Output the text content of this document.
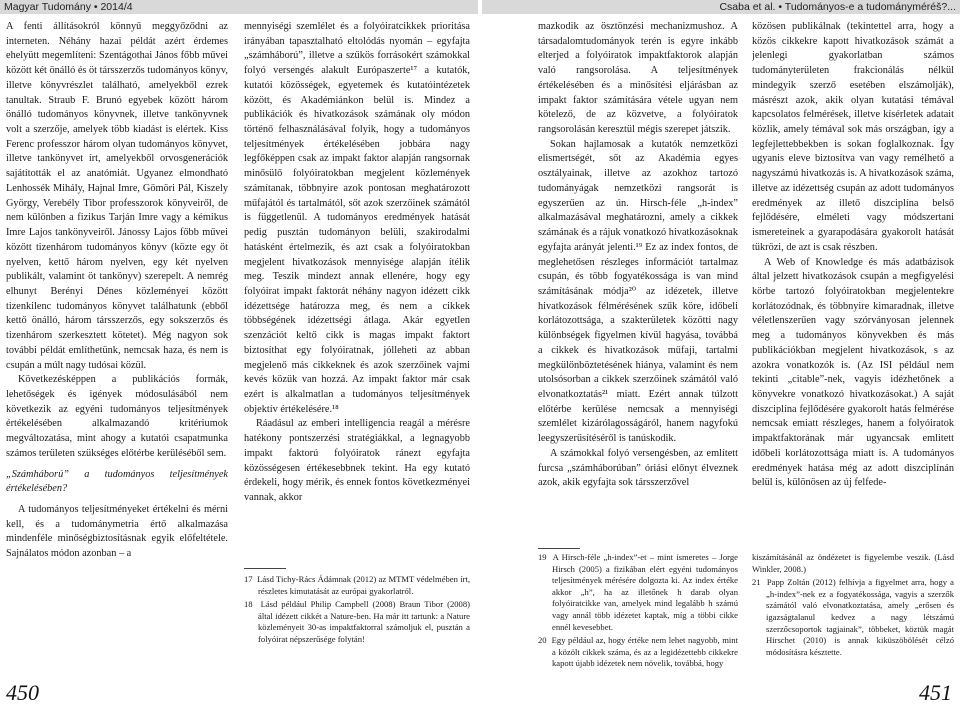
Magyar Tudomány • 2014/4

A fenti állításokról könnyű meggyőződni az interneten. Néhány hazai példát azért érdemes ehelyütt megemlíteni: Szentágothai János főbb művei között két önálló és öt társszerzős tudományos könyv, illetve könyvrészlet található, amelyekből ezrek tanultak. Straub F. Brunó egyebek között három önálló tudományos könyvnek, illetve tankönyvnek volt a szerzője, amelyek több kiadást is elértek. Kiss Ferenc professzor három olyan tudományos könyvet, illetve tankönyvet írt, amelyekből orvosgenerációk sajátították el az anatómiát. Ugyanez elmondható Lenhossék Mihály, Hajnal Imre, Gömöri Pál, Kiszely György, Verebély Tibor professzorok könyveiről, de nem különben a fizikus Tarján Imre vagy a kémikus Imre Lajos tankönyveiről. Jánossy Lajos főbb művei között tizenhárom tudományos könyv (közte egy öt nyelven, kettő három nyelven, egy két nyelven publikált, valamint öt tankönyv) szerepelt. A nemrég elhunyt Berényi Dénes közleményei között tizenkilenc tudományos könyvet találhatunk (ebből kettő önálló, három társszerzős, egy sokszerzős és tizenhárom szerkesztett kötetet). Még nagyon sok további példát említhetünk, nemcsak haza, és nem is csupán a múlt nagy tudósai közül.

Következésképpen a publikációs formák, lehetőségek és igények módosulásából nem következik az egyéni tudományos teljesítmények értékelésében alkalmazandó kritériumok megváltozatása, mint ahogy a kutatói csapatmunka számos területen szükséges előtérbe kerüléséből sem.

„Számháború” a tudományos teljesítmények értékelésében?

A tudományos teljesítményeket értékelni és mérni kell, és a tudománymetria értő alkalmazása mindenféle minőségbiztosításnak egyik előfeltétele. Sajnálatos módon azonban – a

mennyiségi szemlélet és a folyóiratcikkek prioritása irányában tapasztalható eltolódás nyomán – egyfajta „számháború”, illetve a szűkös forrásokért számokkal folyó versengés alakult Európaszerte¹⁷ a kutatók, kutatói közösségek, egyetemek és kutatóintézetek között, és Akadémiánkon belül is. Mindez a publikációk és hivatkozások számának oly módon történő felhasználásával folyik, hogy a tudományos teljesítmények értékelésében jobbára nagy legfőképpen csak az impakt faktor alapján rangsornak minősülő folyóiratokban megjelent közlemények számítanak, többnyire azok pontosan meghatározott műfajától és tartalmától, sőt azok szerzőinek számától is függetlenül. A tudományos eredmények hatását pedig pusztán tudományon belüli, szakirodalmi hatásként értelmezik, és azt csak a folyóiratokban megjelent hivatkozások mennyisége alapján ítélik meg. Teszik mindezt annak ellenére, hogy egy folyóirat impakt faktorát néhány nagyon idézett cikk idézettsége határozza meg, és nem a cikkek többségének idézettségi átlaga. Akár egyetlen szenzációt keltő cikk is magas impakt faktort biztosíthat egy folyóiratnak, jólleheti az abban megjelenő más cikkeknek és azok szerzőinek vajmi kevés közük van hozzá. Az impakt faktor már csak ezért is alkalmatlan a tudományos teljesítmények objektív értékelésére.¹⁸

Ráadásul az emberi intelligencia reagál a mérésre hatékony pontszerzési stratégiákkal, a legnagyobb impakt faktorú folyóiratok ránezt egyfajta közösségesen értékesebbnek tekint. Ha egy kutató érdekeli, hogy mérik, és ennek fontos következményei vannak, akkor

17 Lásd Tichy-Rács Ádámnak (2012) az MTMT védelmében írt, részletes kimutatását az európai gyakorlatról.
18 Lásd például Philip Campbell (2008) Braun Tibor (2008) által idézett cikkét a Nature-ben. Ha már itt tartunk: a Nature közleményeit 30-as impaktfaktorral számoljuk el, pusztán a folyóirat népszerűsége folytán!
450
Csaba et al. • Tudományos-e a tudományméréš?...

mazkodik az ösztönzési mechanizmushoz. A társadalomtudományok terén is egyre inkább elterjed a folyóiratok impaktfaktorok alapján való rangsorolása. A teljesítmények értékelésében és a minősítési eljárásban az impakt faktor számítására vétele ugyan nem kötelező, de az közvetve, a folyóiratok rangsorolásán keresztül mégis szerepet játszik.

Sokan hajlamosak a kutatók nemzetközi elismertségét, sőt az Akadémia egyes osztályainak, illetve az azokhoz tartozó tudományágak nemzetközi rangsorát is egyszerűen az ún. Hirsch-féle „h-index” alkalmazásával meghatározni, amely a cikkek számának és a rájuk vonatkozó hivatkozásoknak egyfajta arányát jelenti.¹⁹ Ez az index fontos, de meglehetősen részleges információt tartalmaz csupán, és több fogyatékossága is van mind számításának módja²⁰ az idézetek, illetve hivatkozások félmérésének szűk köre, időbeli korlátozottsága, a szakterületek közötti nagy különbségek figyelmen kívül hagyása, továbbá a cikkek és hivatkozások műfaji, tartalmi megkülönböztetésének hiánya, valamint és nem utolsósorban a cikkek szerzőinek számától való elvonatkoztatás²¹ miatt. Ezért annak túlzott előtérbe kerülése nemcsak a mennyiségi szemlélet kizárólagosságáról, hanem nagyfokú leegyszerűsítéséről is tanúskodik.

A számokkal folyó versengésben, az említett furcsa „számháborúban” óriási előnyt élveznek azok, akik egyfajta sok társszerzővel

közösen publikálnak (tekintettel arra, hogy a közös cikkekre kapott hivatkozások számát a jelenlegi gyakorlatban számos tudományterületen frakcionálás nélkül mindegyik szerző esetében elszámolják), másrészt azok, akik olyan kutatási témával kapcsolatos felmérések, illetve kísérletek adatait közlik, amely témával sok más országban, így a legfejlettebbekben is sokan foglalkoznak. Így ugyanis eleve biztosítva van vagy remélhető a nagyszámú hivatkozás is. A hivatkozások száma, illetve az idézettség csupán az adott tudományos eredmények az illető diszciplína belső fejlődésére, elméleti vagy módszertani ismereteinek a gyarapodására gyakorolt hatását tükrözi, de azt is csak részben.

A Web of Knowledge és más adatbázisok által jelzett hivatkozások csupán a megfigyelési körbe tartozó folyóiratokban megjelentekre korlátozódnak, és többnyire kimaradnak, illetve véletlenszerűen vagy szórványosan jelennek meg a tudományos könyvekben és más publikációkban megjelent hivatkozások, s az azokra vonatkozók is. (Az ISI például nem tekinti „citable”-nek, vagyis idézhetőnek a könyvekre vonatkozó hivatkozásokat.) A saját diszciplína fejlődésére gyakorolt hatás felmérése nemcsak emiatt részleges, hanem a folyóiratok impaktfaktorának már ugyancsak emlitett időbeli korlátozottsága miatt is. A tudományos eredmények hatása még az adott diszciplínán belül is, különösen az új felfede-

19 A Hirsch-féle „h-index”-et – mint ismeretes – Jorge Hirsch (2005) a fizikában elért egyéni tudományos teljesítmények mérésére dolgozta ki. Az index értéke akkor „h”, ha az illetőnek h darab olyan folyóiratcikke van, amelyek mind legalább h számú vagy annál több idézetet kaptak, míg a többi cikke ennél kevesebbet.
20 Egy például az, hogy értéke nem lehet nagyobb, mint a közölt cikkek száma, és az a legidézettebb cikkekre kapott újabb idézetek nem növelik, továbbá, hogy
kiszámításánál az öndézetet is figyelembe veszik. (Lásd Winkler, 2008.)
21 Papp Zoltán (2012) felhívja a figyelmet arra, hogy a „h-index”-nek ez a fogyatékossága, vagyis a szerzők számától való elvonatkoztatása, amely „erősen és igazságtalanul kedvez a nagy létszámú szerzőcsoportok tagjainak”, többeket, köztük magát Hirschet (2010) is annak kiküszöbölését célzó módosításra késztette.
451
